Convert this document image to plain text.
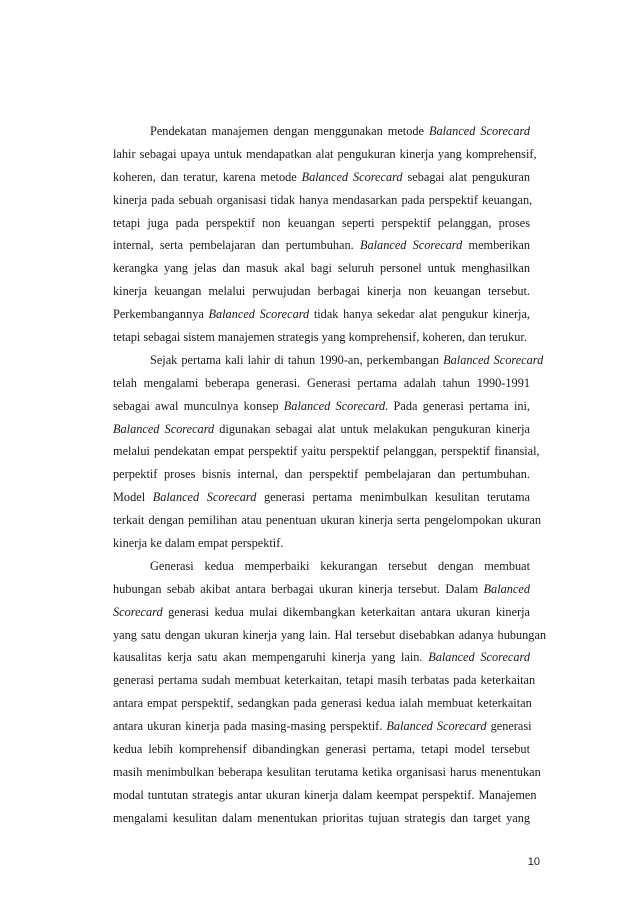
Pendekatan manajemen dengan menggunakan metode Balanced Scorecard
lahir sebagai upaya untuk mendapatkan alat pengukuran kinerja yang komprehensif,
koheren, dan teratur, karena metode Balanced Scorecard sebagai alat pengukuran
kinerja pada sebuah organisasi tidak hanya mendasarkan pada perspektif keuangan,
tetapi juga pada perspektif non keuangan seperti perspektif pelanggan, proses
internal, serta pembelajaran dan pertumbuhan. Balanced Scorecard memberikan
kerangka yang jelas dan masuk akal bagi seluruh personel untuk menghasilkan
kinerja keuangan melalui perwujudan berbagai kinerja non keuangan tersebut.
Perkembangannya Balanced Scorecard tidak hanya sekedar alat pengukur kinerja,
tetapi sebagai sistem manajemen strategis yang komprehensif, koheren, dan terukur.
Sejak pertama kali lahir di tahun 1990-an, perkembangan Balanced Scorecard
telah mengalami beberapa generasi. Generasi pertama adalah tahun 1990-1991
sebagai awal munculnya konsep Balanced Scorecard. Pada generasi pertama ini,
Balanced Scorecard digunakan sebagai alat untuk melakukan pengukuran kinerja
melalui pendekatan empat perspektif yaitu perspektif pelanggan, perspektif finansial,
perpektif proses bisnis internal, dan perspektif pembelajaran dan pertumbuhan.
Model Balanced Scorecard generasi pertama menimbulkan kesulitan terutama
terkait dengan pemilihan atau penentuan ukuran kinerja serta pengelompokan ukuran
kinerja ke dalam empat perspektif.
Generasi kedua memperbaiki kekurangan tersebut dengan membuat
hubungan sebab akibat antara berbagai ukuran kinerja tersebut. Dalam Balanced
Scorecard generasi kedua mulai dikembangkan keterkaitan antara ukuran kinerja
yang satu dengan ukuran kinerja yang lain. Hal tersebut disebabkan adanya hubungan
kausalitas kerja satu akan mempengaruhi kinerja yang lain. Balanced Scorecard
generasi pertama sudah membuat keterkaitan, tetapi masih terbatas pada keterkaitan
antara empat perspektif, sedangkan pada generasi kedua ialah membuat keterkaitan
antara ukuran kinerja pada masing-masing perspektif. Balanced Scorecard generasi
kedua lebih komprehensif dibandingkan generasi pertama, tetapi model tersebut
masih menimbulkan beberapa kesulitan terutama ketika organisasi harus menentukan
modal tuntutan strategis antar ukuran kinerja dalam keempat perspektif. Manajemen
mengalami kesulitan dalam menentukan prioritas tujuan strategis dan target yang
10
